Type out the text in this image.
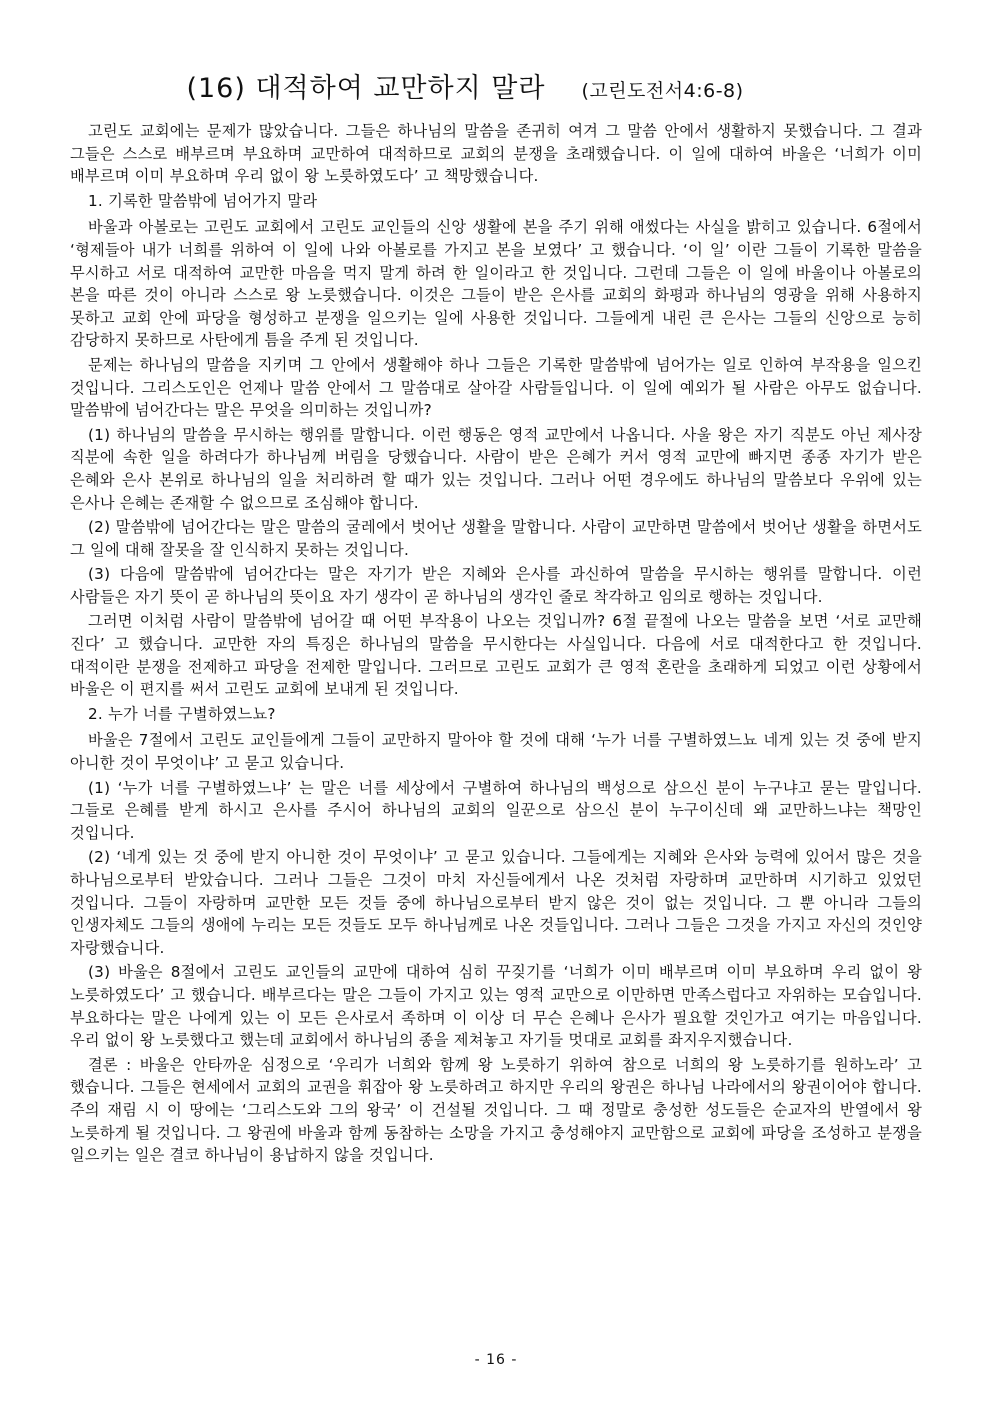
(16) 대적하여 교만하지 말라 (고린도전서4:6-8)

고린도 교회에는 문제가 많았습니다. 그들은 하나님의 말씀을 존귀히 여겨 그 말씀 안에서 생활하지 못했습니다. 그 결과 그들은 스스로 배부르며 부요하며 교만하여 대적하므로 교회의 분쟁을 초래했습니다. 이 일에 대하여 바울은 ‘너희가 이미 배부르며 이미 부요하며 우리 없이 왕 노릇하였도다’ 고 책망했습니다.

1. 기록한 말씀밖에 넘어가지 말라

바울과 아볼로는 고린도 교회에서 고린도 교인들의 신앙 생활에 본을 주기 위해 애썼다는 사실을 밝히고 있습니다. 6절에서 ‘형제들아 내가 너희를 위하여 이 일에 나와 아볼로를 가지고 본을 보였다’ 고 했습니다. ‘이 일’ 이란 그들이 기록한 말씀을 무시하고 서로 대적하여 교만한 마음을 먹지 말게 하려 한 일이라고 한 것입니다. 그런데 그들은 이 일에 바울이나 아볼로의 본을 따른 것이 아니라 스스로 왕 노릇했습니다. 이것은 그들이 받은 은사를 교회의 화평과 하나님의 영광을 위해 사용하지 못하고 교회 안에 파당을 형성하고 분쟁을 일으키는 일에 사용한 것입니다. 그들에게 내린 큰 은사는 그들의 신앙으로 능히 감당하지 못하므로 사탄에게 틈을 주게 된 것입니다.

문제는 하나님의 말씀을 지키며 그 안에서 생활해야 하나 그들은 기록한 말씀밖에 넘어가는 일로 인하여 부작용을 일으킨 것입니다. 그리스도인은 언제나 말씀 안에서 그 말씀대로 살아갈 사람들입니다. 이 일에 예외가 될 사람은 아무도 없습니다. 말씀밖에 넘어간다는 말은 무엇을 의미하는 것입니까?

(1) 하나님의 말씀을 무시하는 행위를 말합니다. 이런 행동은 영적 교만에서 나옵니다. 사울 왕은 자기 직분도 아닌 제사장 직분에 속한 일을 하려다가 하나님께 버림을 당했습니다. 사람이 받은 은혜가 커서 영적 교만에 빠지면 종종 자기가 받은 은혜와 은사 본위로 하나님의 일을 처리하려 할 때가 있는 것입니다. 그러나 어떤 경우에도 하나님의 말씀보다 우위에 있는 은사나 은혜는 존재할 수 없으므로 조심해야 합니다.

(2) 말씀밖에 넘어간다는 말은 말씀의 굴레에서 벗어난 생활을 말합니다. 사람이 교만하면 말씀에서 벗어난 생활을 하면서도 그 일에 대해 잘못을 잘 인식하지 못하는 것입니다.

(3) 다음에 말씀밖에 넘어간다는 말은 자기가 받은 지혜와 은사를 과신하여 말씀을 무시하는 행위를 말합니다. 이런 사람들은 자기 뜻이 곧 하나님의 뜻이요 자기 생각이 곧 하나님의 생각인 줄로 착각하고 임의로 행하는 것입니다.

그러면 이처럼 사람이 말씀밖에 넘어갈 때 어떤 부작용이 나오는 것입니까? 6절 끝절에 나오는 말씀을 보면 ‘서로 교만해 진다’ 고 했습니다. 교만한 자의 특징은 하나님의 말씀을 무시한다는 사실입니다. 다음에 서로 대적한다고 한 것입니다. 대적이란 분쟁을 전제하고 파당을 전제한 말입니다. 그러므로 고린도 교회가 큰 영적 혼란을 초래하게 되었고 이런 상황에서 바울은 이 편지를 써서 고린도 교회에 보내게 된 것입니다.

2. 누가 너를 구별하였느뇨?

바울은 7절에서 고린도 교인들에게 그들이 교만하지 말아야 할 것에 대해 ‘누가 너를 구별하였느뇨 네게 있는 것 중에 받지 아니한 것이 무엇이냐’ 고 묻고 있습니다.

(1) ‘누가 너를 구별하였느냐’ 는 말은 너를 세상에서 구별하여 하나님의 백성으로 삼으신 분이 누구냐고 묻는 말입니다. 그들로 은혜를 받게 하시고 은사를 주시어 하나님의 교회의 일꾼으로 삼으신 분이 누구이신데 왜 교만하느냐는 책망인 것입니다.

(2) ‘네게 있는 것 중에 받지 아니한 것이 무엇이냐’ 고 묻고 있습니다. 그들에게는 지혜와 은사와 능력에 있어서 많은 것을 하나님으로부터 받았습니다. 그러나 그들은 그것이 마치 자신들에게서 나온 것처럼 자랑하며 교만하며 시기하고 있었던 것입니다. 그들이 자랑하며 교만한 모든 것들 중에 하나님으로부터 받지 않은 것이 없는 것입니다. 그 뿐 아니라 그들의 인생자체도 그들의 생애에 누리는 모든 것들도 모두 하나님께로 나온 것들입니다. 그러나 그들은 그것을 가지고 자신의 것인양 자랑했습니다.

(3) 바울은 8절에서 고린도 교인들의 교만에 대하여 심히 꾸짖기를 ‘너희가 이미 배부르며 이미 부요하며 우리 없이 왕 노릇하였도다’ 고 했습니다. 배부르다는 말은 그들이 가지고 있는 영적 교만으로 이만하면 만족스럽다고 자위하는 모습입니다. 부요하다는 말은 나에게 있는 이 모든 은사로서 족하며 이 이상 더 무슨 은혜나 은사가 필요할 것인가고 여기는 마음입니다. 우리 없이 왕 노릇했다고 했는데 교회에서 하나님의 종을 제쳐놓고 자기들 멋대로 교회를 좌지우지했습니다.

결론 : 바울은 안타까운 심정으로 ‘우리가 너희와 함께 왕 노릇하기 위하여 참으로 너희의 왕 노릇하기를 원하노라’ 고 했습니다. 그들은 현세에서 교회의 교권을 휘잡아 왕 노릇하려고 하지만 우리의 왕권은 하나님 나라에서의 왕권이어야 합니다. 주의 재림 시 이 땅에는 ‘그리스도와 그의 왕국’ 이 건설될 것입니다. 그 때 정말로 충성한 성도들은 순교자의 반열에서 왕 노릇하게 될 것입니다. 그 왕권에 바울과 함께 동참하는 소망을 가지고 충성해야지 교만함으로 교회에 파당을 조성하고 분쟁을 일으키는 일은 결코 하나님이 용납하지 않을 것입니다.

- 16 -
